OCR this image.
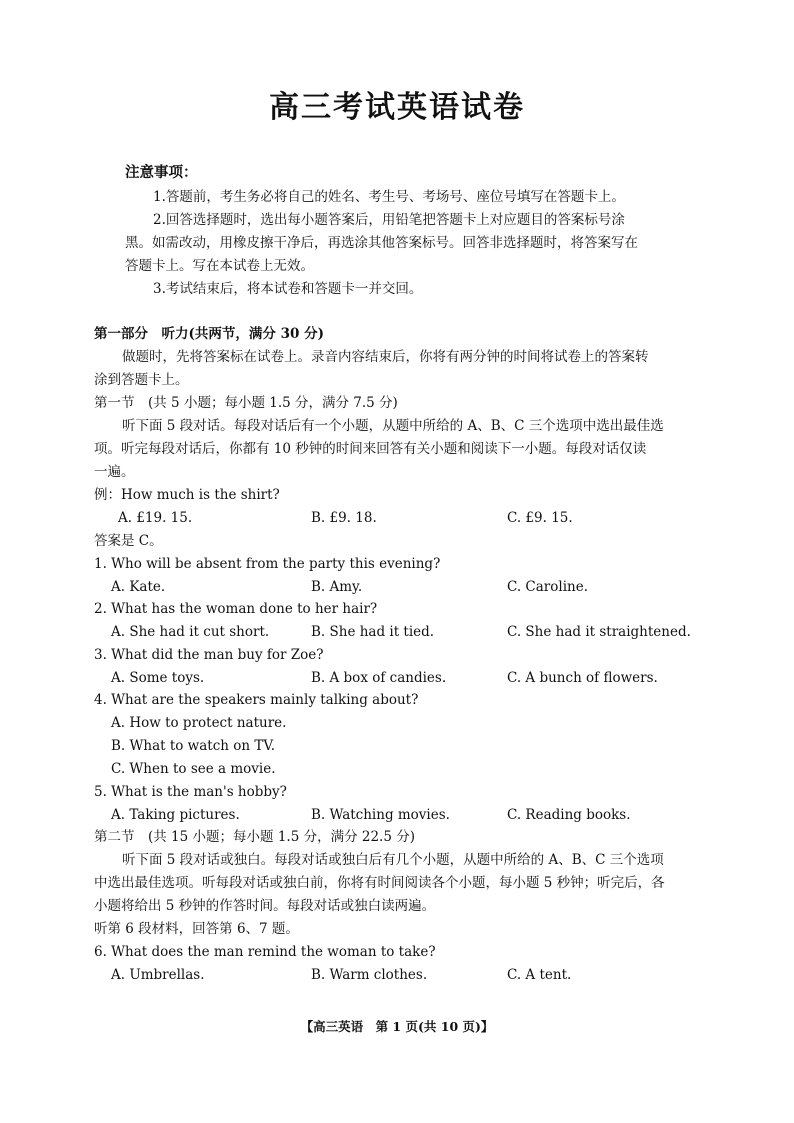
高三考试英语试卷
注意事项：
1.答题前，考生务必将自己的姓名、考生号、考场号、座位号填写在答题卡上。
2.回答选择题时，选出每小题答案后，用铅笔把答题卡上对应题目的答案标号涂
黑。如需改动，用橡皮擦干净后，再选涂其他答案标号。回答非选择题时，将答案写在
答题卡上。写在本试卷上无效。
3.考试结束后，将本试卷和答题卡一并交回。
第一部分　听力(共两节，满分 30 分)
做题时，先将答案标在试卷上。录音内容结束后，你将有两分钟的时间将试卷上的答案转
涂到答题卡上。
第一节　(共 5 小题；每小题 1.5 分，满分 7.5 分)
听下面 5 段对话。每段对话后有一个小题，从题中所给的 A、B、C 三个选项中选出最佳选
项。听完每段对话后，你都有 10 秒钟的时间来回答有关小题和阅读下一小题。每段对话仅读
一遍。
例：How much is the shirt?
A. £19. 15.	B. £9. 18.	C. £9. 15.
答案是 C。
1. Who will be absent from the party this evening?
A. Kate.	B. Amy.	C. Caroline.
2. What has the woman done to her hair?
A. She had it cut short.	B. She had it tied.	C. She had it straightened.
3. What did the man buy for Zoe?
A. Some toys.	B. A box of candies.	C. A bunch of flowers.
4. What are the speakers mainly talking about?
A. How to protect nature.
B. What to watch on TV.
C. When to see a movie.
5. What is the man's hobby?
A. Taking pictures.	B. Watching movies.	C. Reading books.
第二节　(共 15 小题；每小题 1.5 分，满分 22.5 分)
听下面 5 段对话或独白。每段对话或独白后有几个小题，从题中所给的 A、B、C 三个选项
中选出最佳选项。听每段对话或独白前，你将有时间阅读各个小题，每小题 5 秒钟；听完后，各
小题将给出 5 秒钟的作答时间。每段对话或独白读两遍。
听第 6 段材料，回答第 6、7 题。
6. What does the man remind the woman to take?
A. Umbrellas.	B. Warm clothes.	C. A tent.
【高三英语　第 1 页(共 10 页)】
